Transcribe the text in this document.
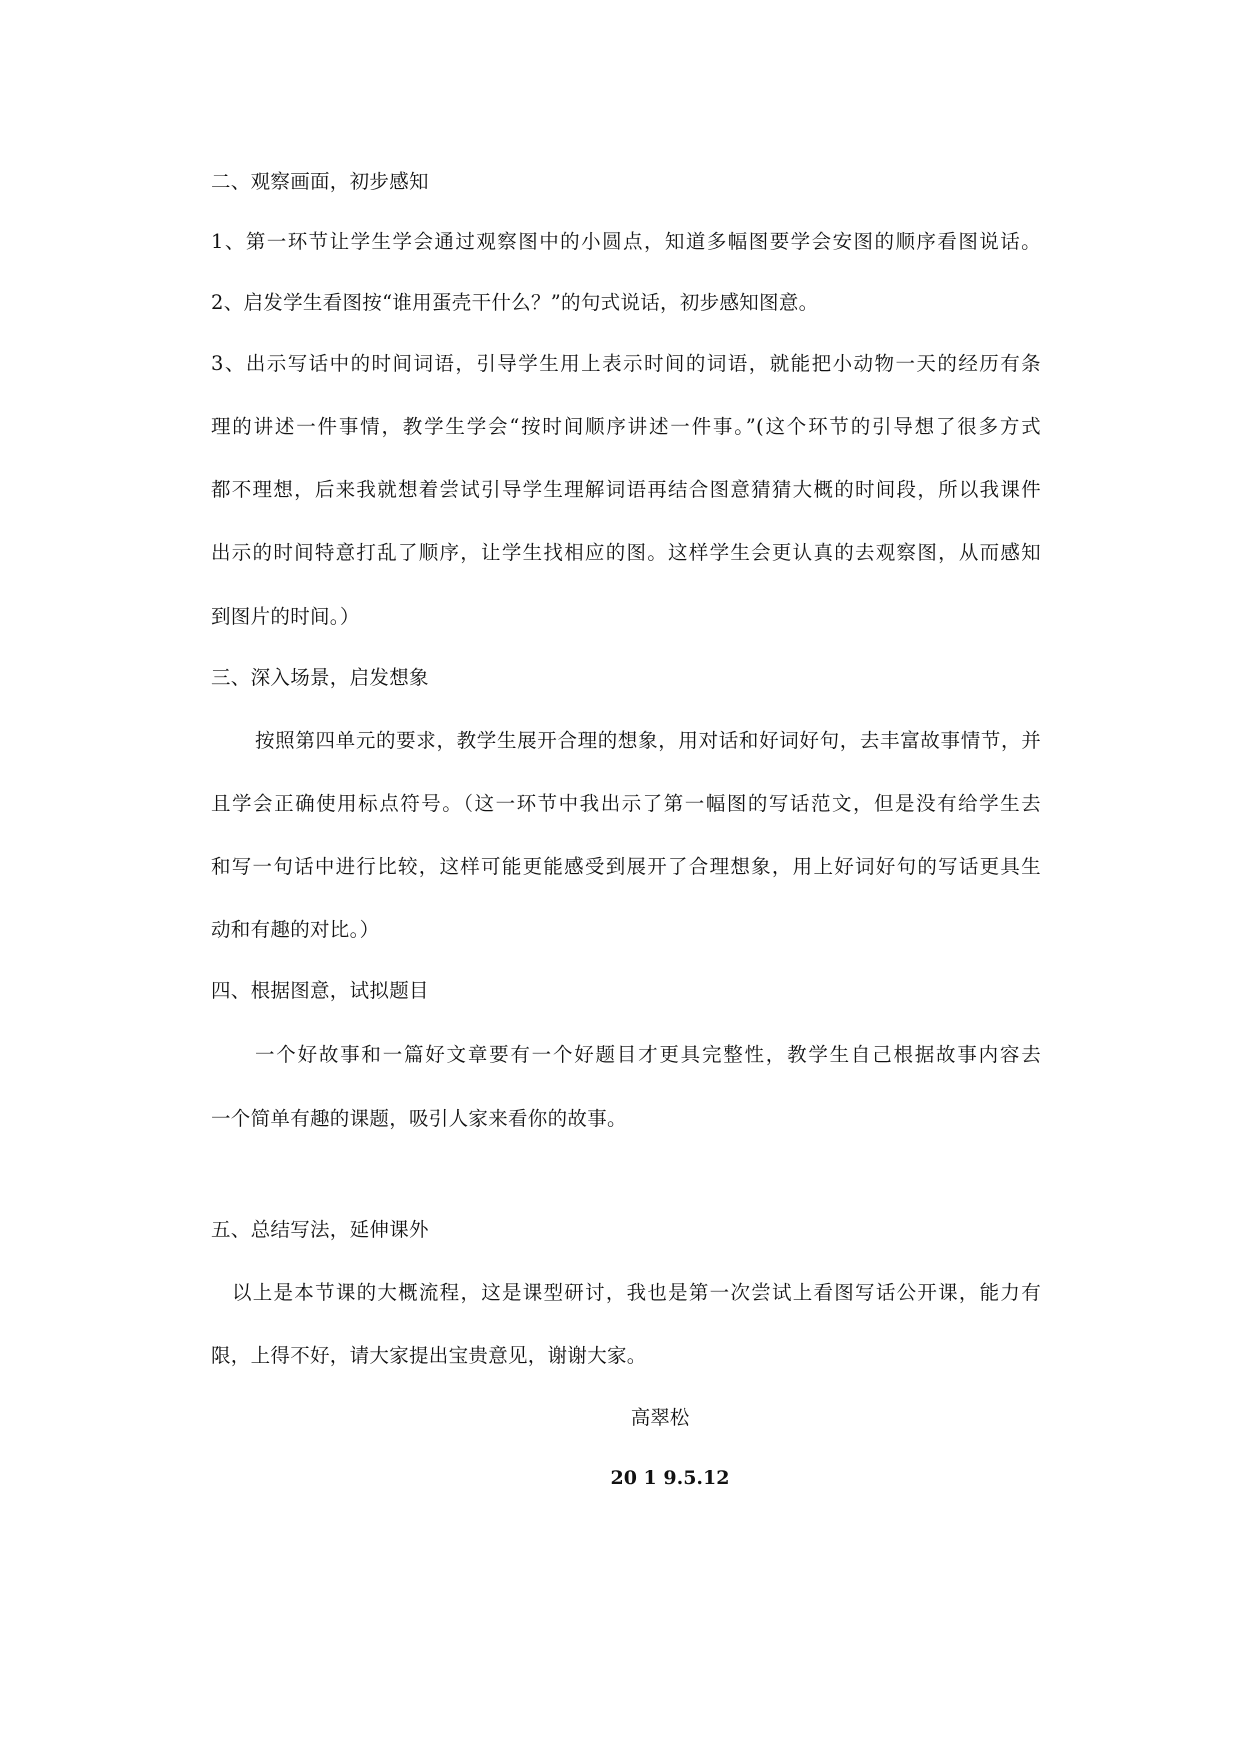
二、观察画面，初步感知
1、第一环节让学生学会通过观察图中的小圆点，知道多幅图要学会安图的顺序看图说话。
2、启发学生看图按“谁用蛋壳干什么？”的句式说话，初步感知图意。
3、出示写话中的时间词语，引导学生用上表示时间的词语，就能把小动物一天的经历有条
理的讲述一件事情，教学生学会“按时间顺序讲述一件事。”(这个环节的引导想了很多方式
都不理想，后来我就想着尝试引导学生理解词语再结合图意猜猜大概的时间段，所以我课件
出示的时间特意打乱了顺序，让学生找相应的图。这样学生会更认真的去观察图，从而感知
到图片的时间。）
三、深入场景，启发想象
按照第四单元的要求，教学生展开合理的想象，用对话和好词好句，去丰富故事情节，并
且学会正确使用标点符号。（这一环节中我出示了第一幅图的写话范文，但是没有给学生去
和写一句话中进行比较，这样可能更能感受到展开了合理想象，用上好词好句的写话更具生
动和有趣的对比。）
四、根据图意，试拟题目
一个好故事和一篇好文章要有一个好题目才更具完整性，教学生自己根据故事内容去
一个简单有趣的课题，吸引人家来看你的故事。
五、总结写法，延伸课外
以上是本节课的大概流程，这是课型研讨，我也是第一次尝试上看图写话公开课，能力有
限，上得不好，请大家提出宝贵意见，谢谢大家。
高翠松
20 1 9.5.12
